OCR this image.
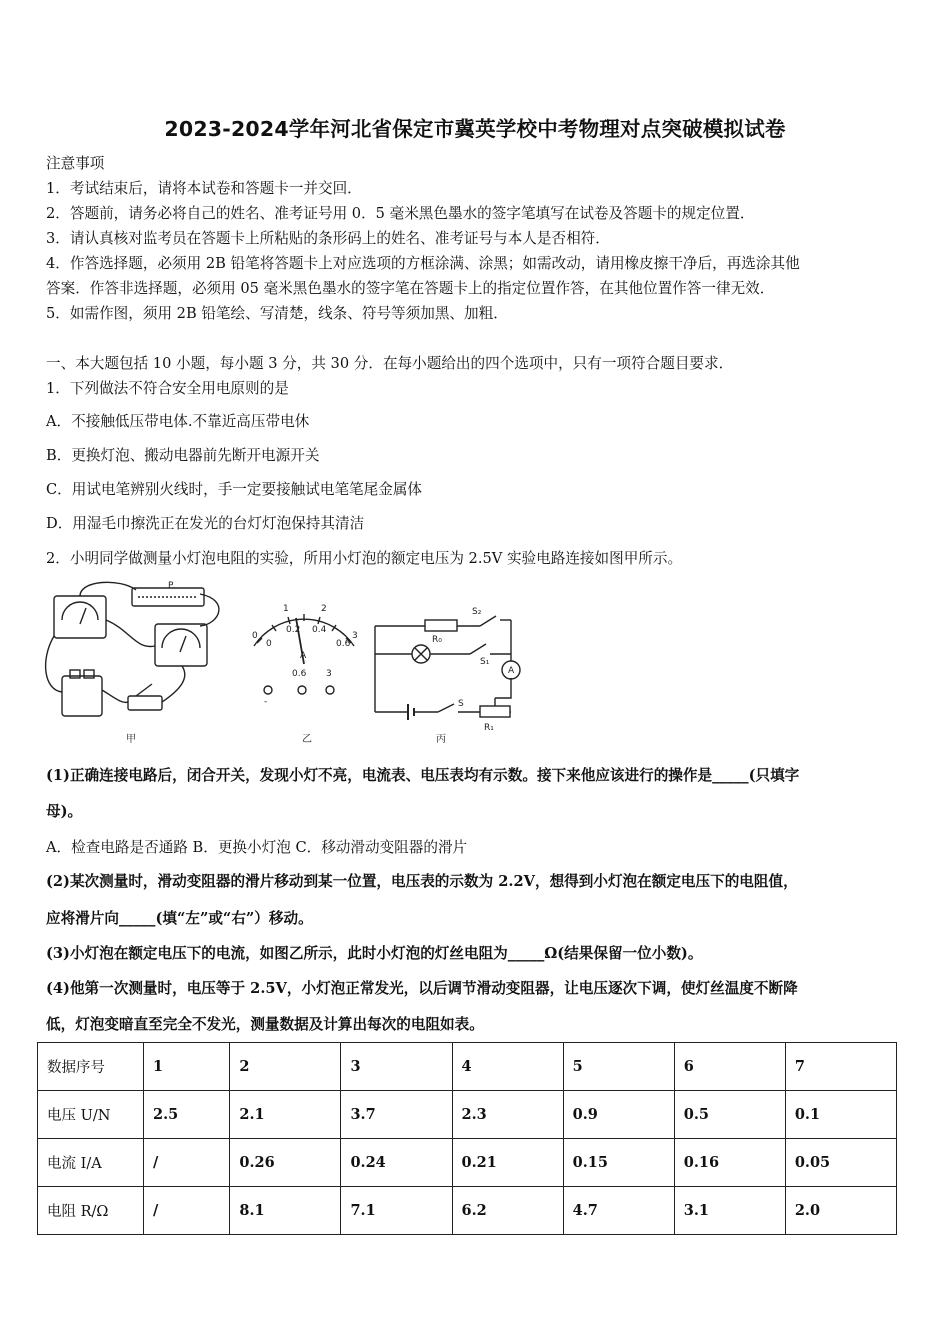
2023-2024学年河北省保定市冀英学校中考物理对点突破模拟试卷
注意事项
1．考试结束后，请将本试卷和答题卡一并交回．
2．答题前，请务必将自己的姓名、准考证号用 0．5 毫米黑色墨水的签字笔填写在试卷及答题卡的规定位置．
3．请认真核对监考员在答题卡上所粘贴的条形码上的姓名、准考证号与本人是否相符．
4．作答选择题，必须用 2B 铅笔将答题卡上对应选项的方框涂满、涂黑；如需改动，请用橡皮擦干净后，再选涂其他
答案．作答非选择题，必须用 05 毫米黑色墨水的签字笔在答题卡上的指定位置作答，在其他位置作答一律无效．
5．如需作图，须用 2B 铅笔绘、写清楚，线条、符号等须加黑、加粗．
一、本大题包括 10 小题，每小题 3 分，共 30 分．在每小题给出的四个选项中，只有一项符合题目要求．
1．下列做法不符合安全用电原则的是
A．不接触低压带电体.不靠近高压带电休
B．更换灯泡、搬动电器前先断开电源开关
C．用试电笔辨别火线时，手一定要接触试电笔笔尾金属体
D．用湿毛巾擦洗正在发光的台灯灯泡保持其清洁
2．小明同学做测量小灯泡电阻的实验，所用小灯泡的额定电压为 2.5V 实验电路连接如图甲所示。
0
1	2
3
0
0.2 0.4
0.6
A
-
0.6 3
S₂
R₀
S₁
A
S
R₁
P
甲	乙	丙
(1)正确连接电路后，闭合开关，发现小灯不亮，电流表、电压表均有示数。接下来他应该进行的操作是_____(只填字
母)。
A．检查电路是否通路 B．更换小灯泡 C．移动滑动变阻器的滑片
(2)某次测量时，滑动变阻器的滑片移动到某一位置，电压表的示数为 2.2V，想得到小灯泡在额定电压下的电阻值，
应将滑片向_____(填“左”或“右”）移动。
(3)小灯泡在额定电压下的电流，如图乙所示，此时小灯泡的灯丝电阻为_____Ω(结果保留一位小数)。
(4)他第一次测量时，电压等于 2.5V，小灯泡正常发光，以后调节滑动变阻器，让电压逐次下调，使灯丝温度不断降
低，灯泡变暗直至完全不发光，测量数据及计算出每次的电阻如表。
数据序号	1	2	3	4	5	6	7
电压 U/N	2.5	2.1	3.7	2.3	0.9	0.5	0.1
电流 I/A	/	0.26	0.24	0.21	0.15	0.16	0.05
电阻 R/Ω	/	8.1	7.1	6.2	4.7	3.1	2.0
